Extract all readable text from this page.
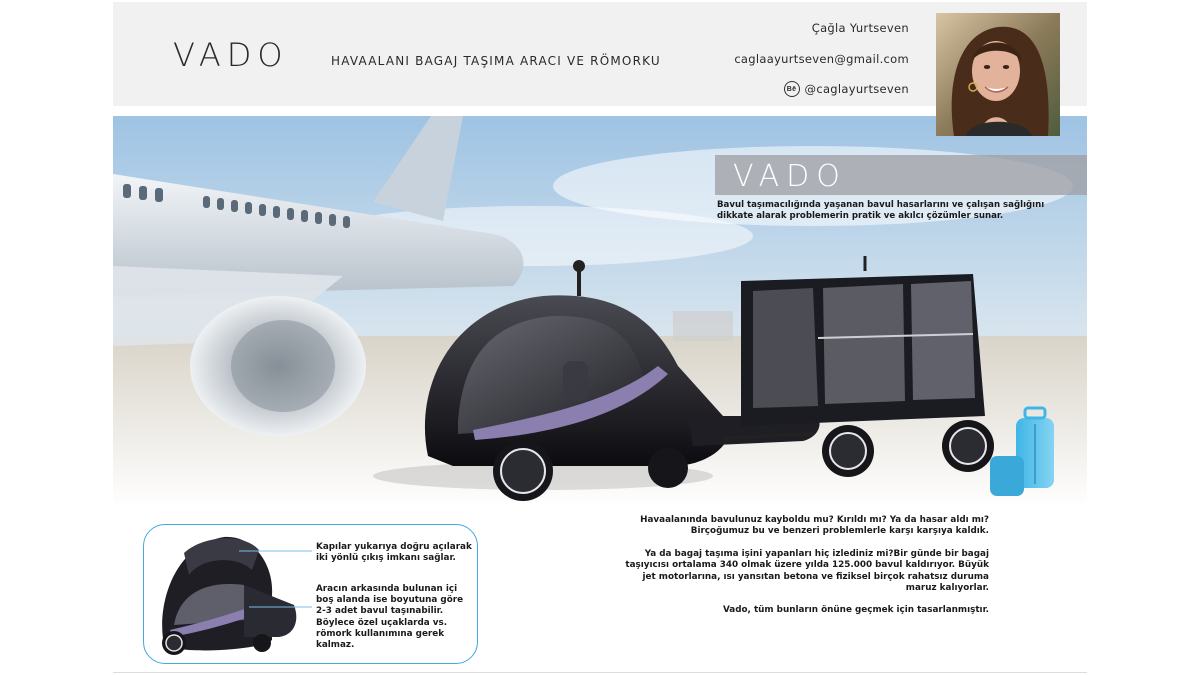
VADO	HAVAALANI BAGAJ TAŞIMA ARACI VE RÖMORKU
Çağla Yurtseven
caglaayurtseven@gmail.com
Bē @caglayurtseven
VADO
Bavul taşımacılığında yaşanan bavul hasarlarını ve çalışan sağlığını dikkate alarak problemerin pratik ve akılcı çözümler sunar.
Kapılar yukarıya doğru açılarak iki yönlü çıkış imkanı sağlar.
Aracın arkasında bulunan içi boş alanda ise boyutuna göre 2-3 adet bavul taşınabilir. Böylece özel uçaklarda vs. römork kullanımına gerek kalmaz.

Havaalanında bavulunuz kayboldu mu? Kırıldı mı? Ya da hasar aldı mı? Birçoğumuz bu ve benzeri problemlerle karşı karşıya kaldık.

Ya da bagaj taşıma işini yapanları hiç izlediniz mi?Bir günde bir bagaj taşıyıcısı ortalama 340 olmak üzere yılda 125.000 bavul kaldırıyor. Büyük jet motorlarına, ısı yansıtan betona ve fiziksel birçok rahatsız duruma maruz kalıyorlar.

Vado, tüm bunların önüne geçmek için tasarlanmıştır.
